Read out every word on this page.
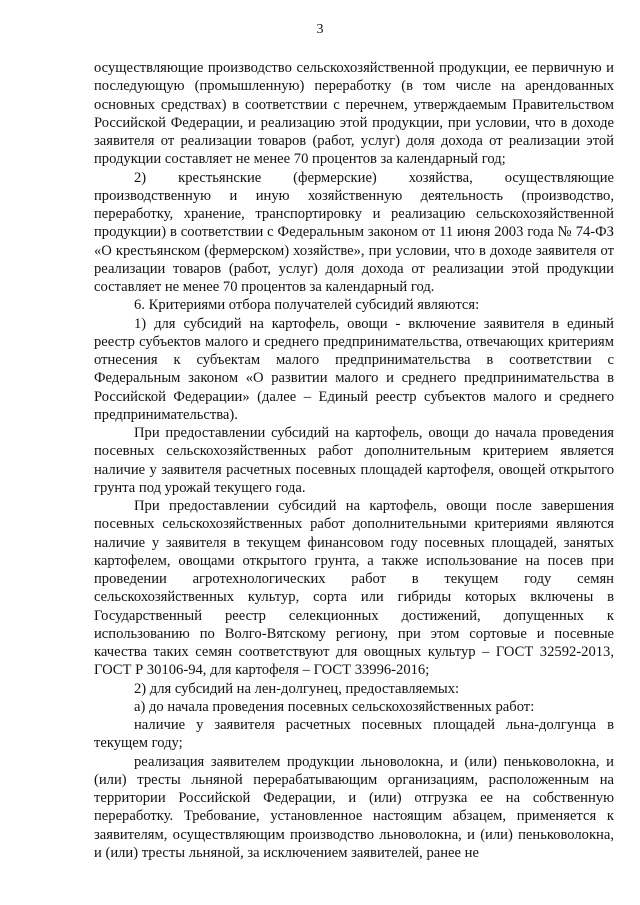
3

осуществляющие производство сельскохозяйственной продукции, ее первичную и последующую (промышленную) переработку (в том числе на арендованных основных средствах) в соответствии с перечнем, утверждаемым Правительством Российской Федерации, и реализацию этой продукции, при условии, что в доходе заявителя от реализации товаров (работ, услуг) доля дохода от реализации этой продукции составляет не менее 70 процентов за календарный год;

2) крестьянские (фермерские) хозяйства, осуществляющие производственную и иную хозяйственную деятельность (производство, переработку, хранение, транспортировку и реализацию сельскохозяйственной продукции) в соответствии с Федеральным законом от 11 июня 2003 года № 74-ФЗ «О крестьянском (фермерском) хозяйстве», при условии, что в доходе заявителя от реализации товаров (работ, услуг) доля дохода от реализации этой продукции составляет не менее 70 процентов за календарный год.

6. Критериями отбора получателей субсидий являются:

1) для субсидий на картофель, овощи - включение заявителя в единый реестр субъектов малого и среднего предпринимательства, отвечающих критериям отнесения к субъектам малого предпринимательства в соответствии с Федеральным законом «О развитии малого и среднего предпринимательства в Российской Федерации» (далее – Единый реестр субъектов малого и среднего предпринимательства).

При предоставлении субсидий на картофель, овощи до начала проведения посевных сельскохозяйственных работ дополнительным критерием является наличие у заявителя расчетных посевных площадей картофеля, овощей открытого грунта под урожай текущего года.

При предоставлении субсидий на картофель, овощи после завершения посевных сельскохозяйственных работ дополнительными критериями являются наличие у заявителя в текущем финансовом году посевных площадей, занятых картофелем, овощами открытого грунта, а также использование на посев при проведении агротехнологических работ в текущем году семян сельскохозяйственных культур, сорта или гибриды которых включены в Государственный реестр селекционных достижений, допущенных к использованию по Волго-Вятскому региону, при этом сортовые и посевные качества таких семян соответствуют для овощных культур – ГОСТ 32592-2013, ГОСТ Р 30106-94, для картофеля – ГОСТ 33996-2016;

2) для субсидий на лен-долгунец, предоставляемых:

а) до начала проведения посевных сельскохозяйственных работ:

наличие у заявителя расчетных посевных площадей льна-долгунца в текущем году;

реализация заявителем продукции льноволокна, и (или) пеньковолокна, и (или) тресты льняной перерабатывающим организациям, расположенным на территории Российской Федерации, и (или) отгрузка ее на собственную переработку. Требование, установленное настоящим абзацем, применяется к заявителям, осуществляющим производство льноволокна, и (или) пеньковолокна, и (или) тресты льняной, за исключением заявителей, ранее не
